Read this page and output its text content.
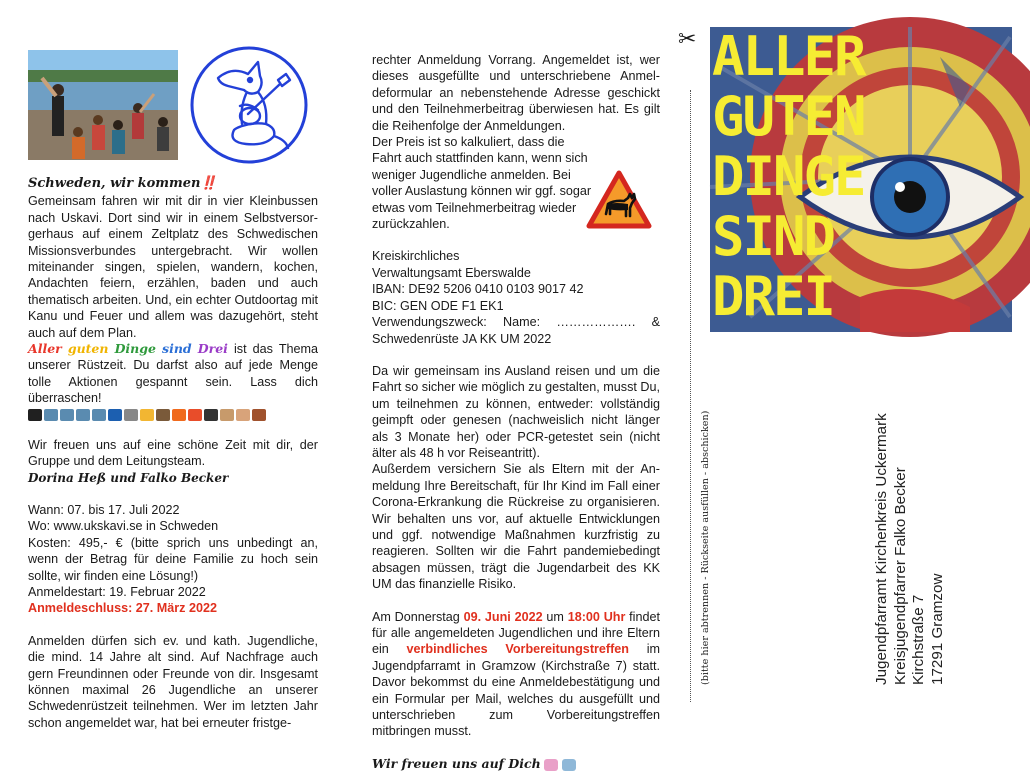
Schweden, wir kommen‼️

Gemeinsam fahren wir mit dir in vier Kleinbussen nach Uskavi. Dort sind wir in einem Selbstversorgerhaus auf einem Zeltplatz des Schwedischen Missionsverbundes untergebracht. Wir wollen miteinander singen, spielen, wandern, kochen, Andachten feiern, erzählen, baden und auch thematisch arbeiten. Und, ein echter Outdoortag mit Kanu und Feuer und allem was dazugehört, steht auch auf dem Plan.

Aller guten Dinge sind Drei ist das Thema unserer Rüstzeit. Du darfst also auf jede Menge tolle Aktionen gespannt sein. Lass dich überraschen!

Wir freuen uns auf eine schöne Zeit mit dir, der Gruppe und dem Leitungsteam.

Dorina Heß und Falko Becker

Wann: 07. bis 17. Juli 2022

Wo: www.ukskavi.se in Schweden

Kosten: 495,- € (bitte sprich uns unbedingt an, wenn der Betrag für deine Familie zu hoch sein sollte, wir finden eine Lösung!)

Anmeldestart: 19. Februar 2022

Anmeldeschluss: 27. März 2022

Anmelden dürfen sich ev. und kath. Jugendliche, die mind. 14 Jahre alt sind. Auf Nachfrage auch gern Freundinnen oder Freunde von dir. Insgesamt können maximal 26 Jugendliche an unserer Schwedenrüstzeit teilnehmen. Wer im letzten Jahr schon angemeldet war, hat bei erneuter fristge-

rechter Anmeldung Vorrang. Angemeldet ist, wer dieses ausgefüllte und unterschriebene Anmeldeformular an nebenstehende Adresse geschickt und den Teilnehmerbeitrag überwiesen hat. Es gilt die Reihenfolge der Anmeldungen.

Der Preis ist so kalkuliert, dass die Fahrt auch stattfinden kann, wenn sich weniger Jugendliche anmelden. Bei voller Auslastung können wir ggf. sogar etwas vom Teilnehmerbeitrag wieder zurückzahlen.

Kreiskirchliches

Verwaltungsamt Eberswalde

IBAN: DE92 5206 0410 0103 9017 42

BIC: GEN ODE F1 EK1

Verwendungszweck: Name: ………………. &

Schwedenrüste JA KK UM 2022

Da wir gemeinsam ins Ausland reisen und um die Fahrt so sicher wie möglich zu gestalten, musst Du, um teilnehmen zu können, entweder: vollständig geimpft oder genesen (nachweislich nicht länger als 3 Monate her) oder PCR-getestet sein (nicht älter als 48 h vor Reiseantritt).

Außerdem versichern Sie als Eltern mit der Anmeldung Ihre Bereitschaft, für Ihr Kind im Fall einer Corona-Erkrankung die Rückreise zu organisieren. Wir behalten uns vor, auf aktuelle Entwicklungen und ggf. notwendige Maßnahmen kurzfristig zu reagieren. Sollten wir die Fahrt pandemiebedingt absagen müssen, trägt die Jugendarbeit des KK UM das finanzielle Risiko.

Am Donnerstag 09. Juni 2022 um 18:00 Uhr findet für alle angemeldeten Jugendlichen und ihre Eltern ein verbindliches Vorbereitungstreffen im Jugendpfarramt in Gramzow (Kirchstraße 7) statt. Davor bekommst du eine Anmeldebestätigung und ein Formular per Mail, welches du ausgefüllt und unterschrieben zum Vorbereitungstreffen mitbringen musst.

Wir freuen uns auf Dich

✂
(bitte hier abtrennen - Rückseite ausfüllen - abschicken)
ALLER
GUTEN
DINGE
SIND
DREI
Jugendpfarramt Kirchenkreis Uckermark Kreisjugendpfarrer Falko Becker Kirchstraße 7 17291 Gramzow
